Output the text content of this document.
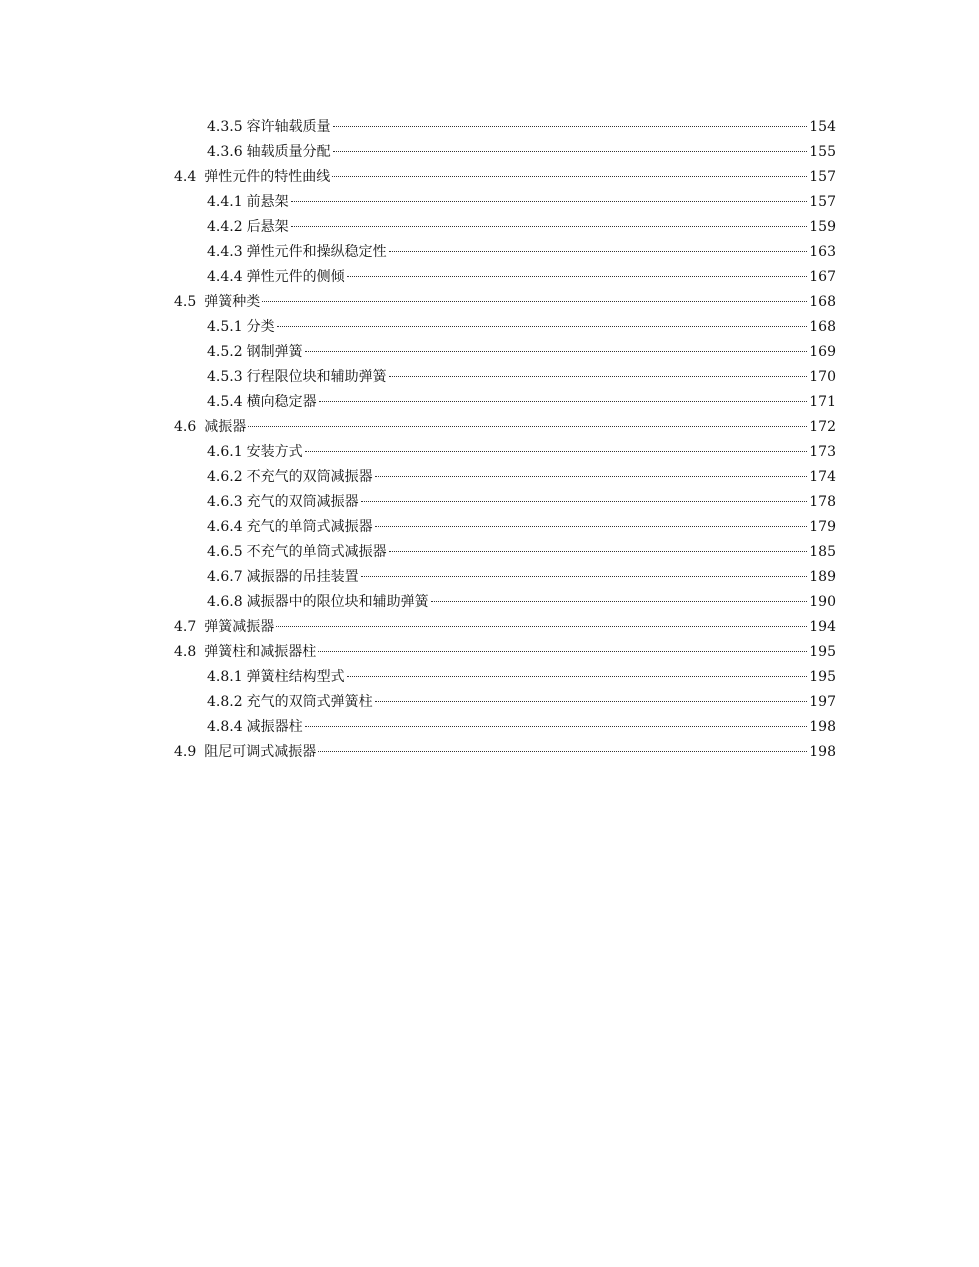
4.3.5 容许轴载质量	154
4.3.6 轴载质量分配	155
4.4 弹性元件的特性曲线	157
4.4.1 前悬架	157
4.4.2 后悬架	159
4.4.3 弹性元件和操纵稳定性	163
4.4.4 弹性元件的侧倾	167
4.5 弹簧种类	168
4.5.1 分类	168
4.5.2 钢制弹簧	169
4.5.3 行程限位块和辅助弹簧	170
4.5.4 横向稳定器	171
4.6 减振器	172
4.6.1 安装方式	173
4.6.2 不充气的双筒减振器	174
4.6.3 充气的双筒减振器	178
4.6.4 充气的单筒式减振器	179
4.6.5 不充气的单筒式减振器	185
4.6.7 减振器的吊挂装置	189
4.6.8 减振器中的限位块和辅助弹簧	190
4.7 弹簧减振器	194
4.8 弹簧柱和减振器柱	195
4.8.1 弹簧柱结构型式	195
4.8.2 充气的双筒式弹簧柱	197
4.8.4 减振器柱	198
4.9 阻尼可调式减振器	198
